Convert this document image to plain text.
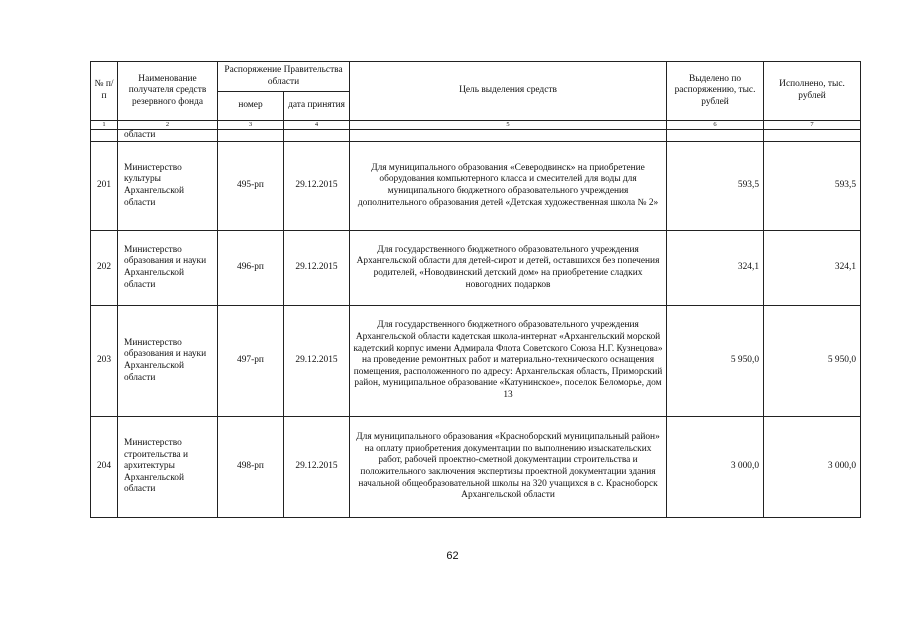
№ п/п	Наименование получателя средств резервного фонда	Распоряжение Правительства области		Цель выделения средств	Выделено по распоряжению, тыс. рублей	Исполнено, тыс. рублей
		номер	дата принятия			
1	2	3	4	5	6	7
	области					
201	Министерство культуры Архангельской области	495-рп	29.12.2015	Для муниципального образования «Северодвинск» на приобретение оборудования компьютерного класса и смесителей для воды для муниципального бюджетного образовательного учреждения дополнительного образования детей «Детская художественная школа № 2»	593,5	593,5
202	Министерство образования и науки Архангельской области	496-рп	29.12.2015	Для государственного бюджетного образовательного учреждения Архангельской области для детей-сирот и детей, оставшихся без попечения родителей, «Новодвинский детский дом» на приобретение сладких новогодних подарков	324,1	324,1
203	Министерство образования и науки Архангельской области	497-рп	29.12.2015	Для государственного бюджетного образовательного учреждения Архангельской области кадетская школа-интернат «Архангельский морской кадетский корпус имени Адмирала Флота Советского Союза Н.Г. Кузнецова» на проведение ремонтных работ и материально-технического оснащения помещения, расположенного по адресу: Архангельская область, Приморский район, муниципальное образование «Катунинское», поселок Беломорье, дом 13	5 950,0	5 950,0
204	Министерство строительства и архитектуры Архангельской области	498-рп	29.12.2015	Для муниципального образования «Красноборский муниципальный район» на оплату приобретения документации по выполнению изыскательских работ, рабочей проектно-сметной документации строительства и положительного заключения экспертизы проектной документации здания начальной общеобразовательной школы на 320 учащихся в с. Красноборск Архангельской области	3 000,0	3 000,0
62
